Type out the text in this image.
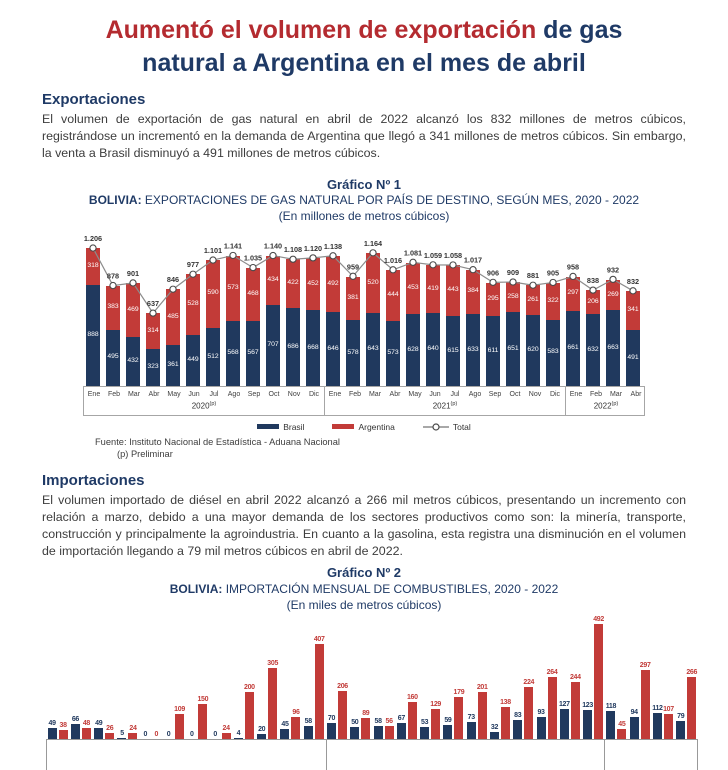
Aumentó el volumen de exportación de gas
natural a Argentina en el mes de abril
Exportaciones

El volumen de exportación de gas natural en abril de 2022 alcanzó los 832 millones de metros cúbicos, registrándose un incrementó en la demanda de Argentina que llegó a 341 millones de metros cúbicos. Sin embargo, la venta a Brasil disminuyó a 491 millones de metros cúbicos.

Gráfico Nº 1
BOLIVIA: EXPORTACIONES DE GAS NATURAL POR PAÍS DE DESTINO, SEGÚN MES, 2020 - 2022
(En millones de metros cúbicos)
318
888
383
495
469
432
314
323
485
361
528
449
590
512
573
568
468
567
434
707
422
686
452
668
492
646
381
578
520
643
444
573
453
628
419
640
443
615
384
633
295
611
258
651
261
620
322
583
297
661
206
632
269
663
341
491
1.206
878 901
637
846
977
1.101
1.141
1.035
1.140 1.108 1.120 1.138
959
1.164
1.016
1.081 1.059 1.058
1.017
906 909 881 905
958
838
932
832
Ene	Feb	Mar	Abr	May	Jun	Jul	Ago	Sep	Oct	Nov	Dic
2020$^{(p)}$
Ene	Feb	Mar	Abr	May	Jun	Jul	Ago	Sep	Oct	Nov	Dic
2021$^{(p)}$
Ene	Feb	Mar	Abr
2022$^{(p)}$
Brasil	Argentina	Total
Fuente: Instituto Nacional de Estadística - Aduana Nacional
(p) Preliminar
Importaciones

El volumen importado de diésel en abril 2022 alcanzó a 266 mil metros cúbicos, presentando un incremento con relación a marzo, debido a una mayor demanda de los sectores productivos como son: la minería, transporte, construcción y principalmente la agroindustria. En cuanto a la gasolina, esta registra una disminución en el volumen de importación llegando a 79 mil metros cúbicos en abril de 2022.

Gráfico Nº 2
BOLIVIA: IMPORTACIÓN MENSUAL DE COMBUSTIBLES, 2020 - 2022
(En miles de metros cúbicos)
49 38
66
48 49
26
5
24
0 0 0
109
0
150
0
24
4
200
20
305
45
96
58
407
70
206
50
89
58 56 67
160
53
129
59
179
73
201
32
138
83
224
93
264
127
244
123
492
118
45
94
297
112 107
79
266
